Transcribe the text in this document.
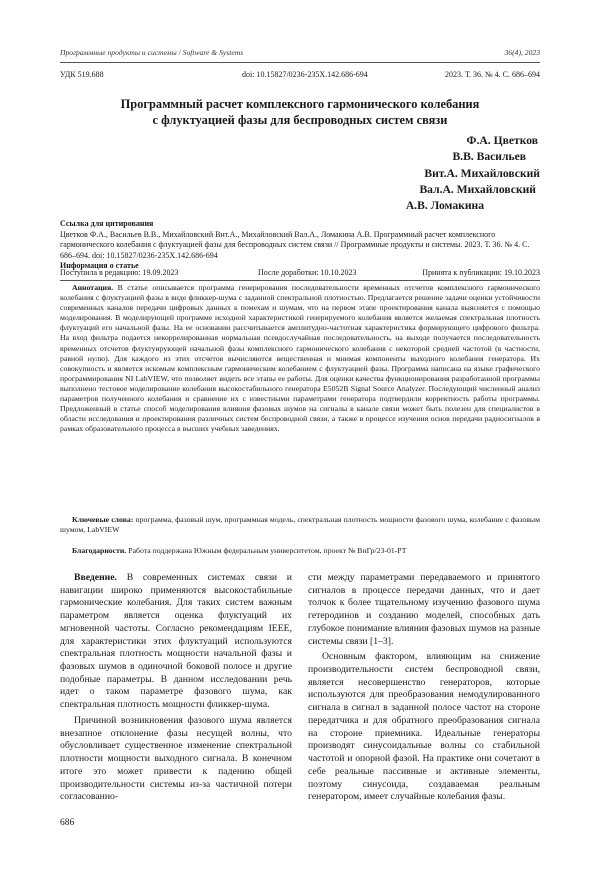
Программные продукты и системы / Software & Systems	36(4), 2023
УДК 519.688	doi: 10.15827/0236-235X.142.686-694	2023. Т. 36. № 4. С. 686–694
Программный расчет комплексного гармонического колебания
с флуктуацией фазы для беспроводных систем связи
Ф.А. Цветков
В.В. Васильев
Вит.А. Михайловский
Вал.А. Михайловский
А.В. Ломакина
Ссылка для цитирования
Цветков Ф.А., Васильев В.В., Михайловский Вит.А., Михайловский Вал.А., Ломакина А.В. Программный расчет комплексного гармонического колебания с флуктуацией фазы для беспроводных систем связи // Программные продукты и системы. 2023. Т. 36. № 4. С. 686–694. doi: 10.15827/0236-235X.142.686-694
Информация о статье
Поступила в редакцию: 19.09.2023	После доработки: 10.10.2023	Принята к публикации: 19.10.2023
Аннотация. В статье описывается программа генерирования последовательности временных отсчетов комплексного гармонического колебания с флуктуацией фазы в виде фликкер-шума с заданной спектральной плотностью. Предлагается решение задачи оценки устойчивости современных каналов передачи цифровых данных к помехам и шумам, что на первом этапе проектирования канала выясняется с помощью моделирования. В моделирующей программе исходной характеристикой генерируемого колебания является желаемая спектральная плотность флуктуаций его начальной фазы. На ее основании рассчитывается амплитудно-частотная характеристика формирующего цифрового фильтра. На вход фильтра подается некоррелированная нормальная псевдослучайная последовательность, на выходе получается последовательность временных отсчетов флуктуирующей начальной фазы комплексного гармонического колебания с некоторой средней частотой (в частности, равной нулю). Для каждого из этих отсчетов вычисляются вещественная и мнимая компоненты выходного колебания генератора. Их совокупность и является искомым комплексным гармоническим колебанием с флуктуацией фазы. Программа написана на языке графического программирования NI LabVIEW, что позволяет видеть все этапы ее работы. Для оценки качества функционирования разработанной программы выполнено тестовое моделирование колебания высокостабильного генератора E5052B Signal Source Analyzer. Последующий численный анализ параметров полученного колебания и сравнение их с известными параметрами генератора подтвердили корректность работы программы. Предложенный в статье способ моделирования влияния фазовых шумов на сигналы в канале связи может быть полезен для специалистов в области исследования и проектирования различных систем беспроводной связи, а также в процессе изучения основ передачи радиосигналов в рамках образовательного процесса в высших учебных заведениях.
Ключевые слова: программа, фазовый шум, программная модель, спектральная плотность мощности фазового шума, колебание с фазовым шумом, LabVIEW
Благодарности. Работа поддержана Южным федеральным университетом, проект № ВнГр/23-01-РТ

Введение. В современных системах связи и навигации широко применяются высокостабильные гармонические колебания. Для таких систем важным параметром является оценка флуктуаций их мгновенной частоты. Согласно рекомендациям IEEE, для характеристики этих флуктуаций используются спектральная плотность мощности начальной фазы и фазовых шумов в одиночной боковой полосе и другие подобные параметры. В данном исследовании речь идет о таком параметре фазового шума, как спектральная плотность мощности фликкер-шума.

Причиной возникновения фазового шума является внезапное отклонение фазы несущей волны, что обусловливает существенное изменение спектральной плотности мощности выходного сигнала. В конечном итоге это может привести к падению общей производительности системы из-за частичной потери согласованно-

сти между параметрами передаваемого и принятого сигналов в процессе передачи данных, что и дает толчок к более тщательному изучению фазового шума гетеродинов и созданию моделей, способных дать глубокое понимание влияния фазовых шумов на разные системы связи [1–3].

Основным фактором, влияющим на снижение производительности систем беспроводной связи, является несовершенство генераторов, которые используются для преобразования немодулированного сигнала в сигнал в заданной полосе частот на стороне передатчика и для обратного преобразования сигнала на стороне приемника. Идеальные генераторы производят синусоидальные волны со стабильной частотой и опорной фазой. На практике они сочетают в себе реальные пассивные и активные элементы, поэтому синусоида, создаваемая реальным генератором, имеет случайные колебания фазы.

686
